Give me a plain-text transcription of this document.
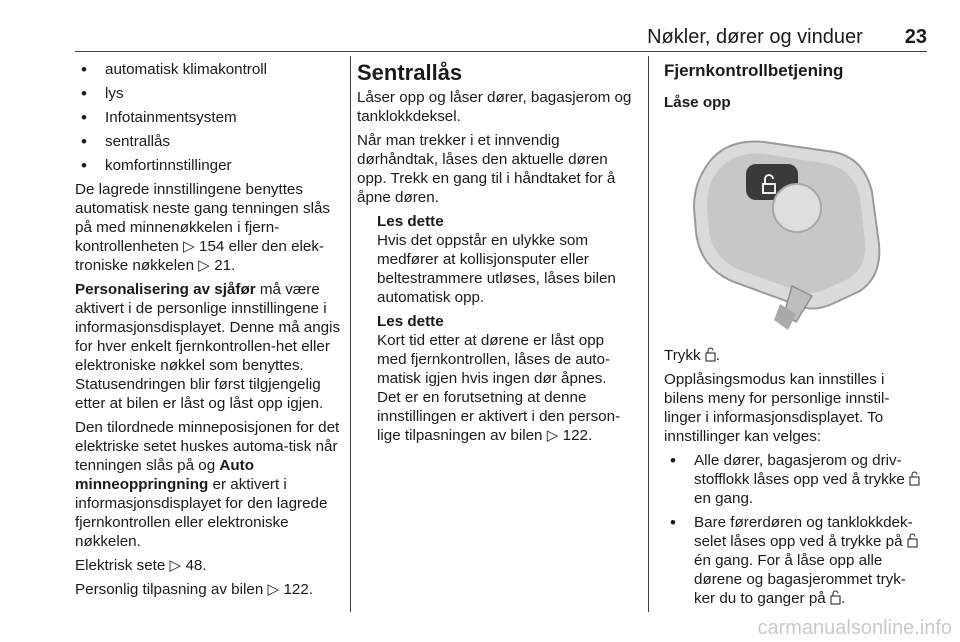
Nøkler, dører og vinduer 23
• automatisk klimakontroll
• lys
• Infotainmentsystem
• sentrallås
• komfortinnstillinger

De lagrede innstillingene benyttes automatisk neste gang tenningen slås på med minnenøkkelen i fjern-kontrollenheten ▷ 154 eller den elek-troniske nøkkelen ▷ 21.

Personalisering av sjåfør må være aktivert i de personlige innstillingene i informasjonsdisplayet. Denne må angis for hver enkelt fjernkontrollen-het eller elektroniske nøkkel som benyttes. Statusendringen blir først tilgjengelig etter at bilen er låst og låst opp igjen.

Den tilordnede minneposisjonen for det elektriske setet huskes automa-tisk når tenningen slås på og Auto minneoppringning er aktivert i informasjonsdisplayet for den lagrede fjernkontrollen eller elektroniske nøkkelen.

Elektrisk sete ▷ 48.

Personlig tilpasning av bilen ▷ 122.

Sentrallås

Låser opp og låser dører, bagasjerom og tanklokkdeksel.

Når man trekker i et innvendig dørhåndtak, låses den aktuelle døren opp. Trekk en gang til i håndtaket for å åpne døren.

Les dette

Hvis det oppstår en ulykke som medfører at kollisjonsputer eller beltestrammere utløses, låses bilen automatisk opp.

Les dette

Kort tid etter at dørene er låst opp med fjernkontrollen, låses de auto-matisk igjen hvis ingen dør åpnes. Det er en forutsetning at denne innstillingen er aktivert i den person-lige tilpasningen av bilen ▷ 122.

Fjernkontrollbetjening
Låse opp

Trykk .

Opplåsingsmodus kan innstilles i bilens meny for personlige innstil-linger i informasjonsdisplayet. To innstillinger kan velges:

• Alle dører, bagasjerom og driv-stofflokk låses opp ved å trykke  en gang.
• Bare førerdøren og tanklokkdek-selet låses opp ved å trykke på  én gang. For å låse opp alle dørene og bagasjerommet tryk-ker du to ganger på .
carmanualsonline.info
